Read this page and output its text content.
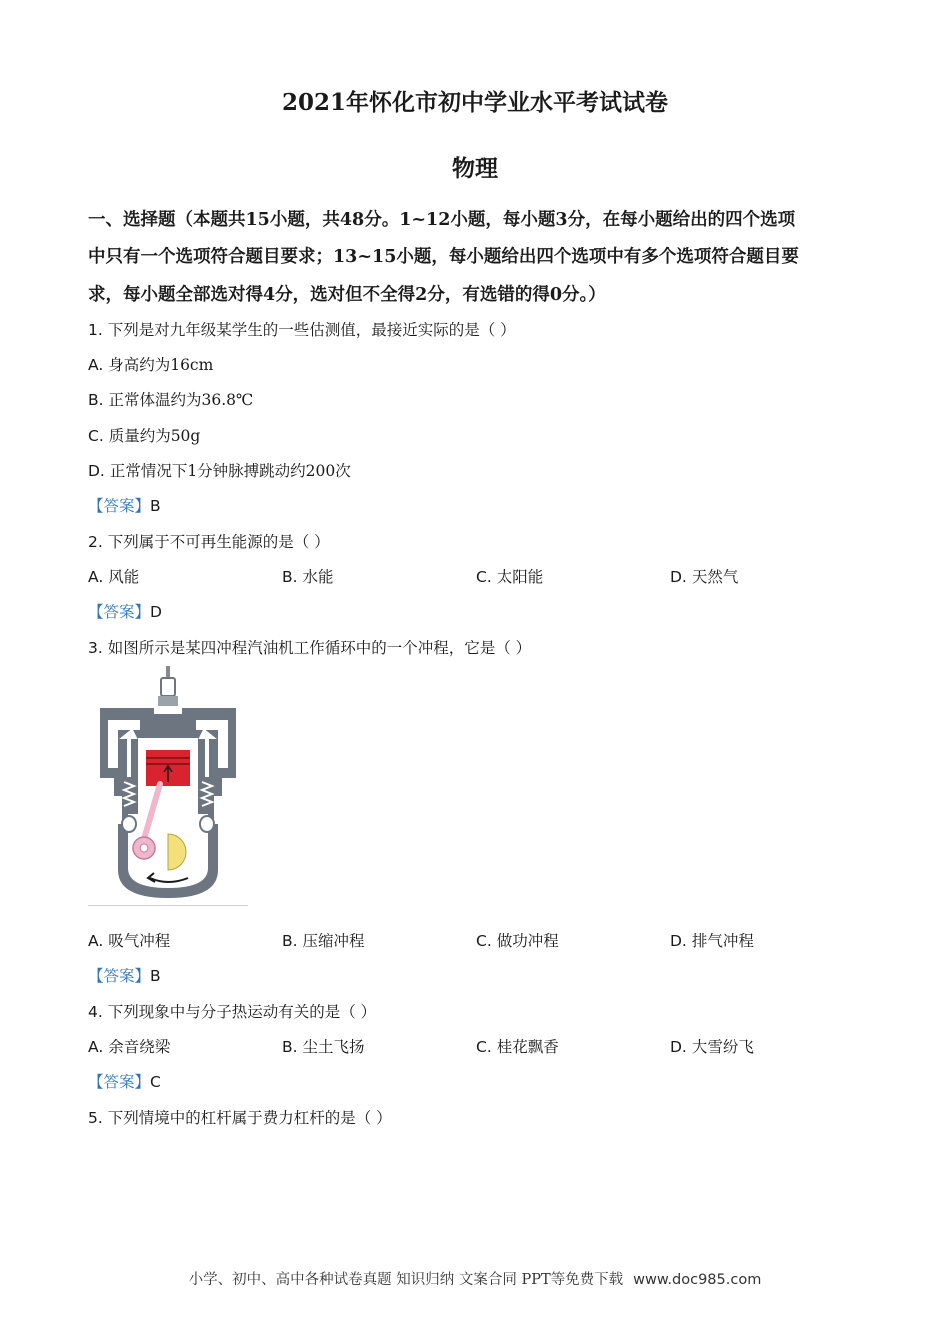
2021年怀化市初中学业水平考试试卷
物理
一、选择题（本题共15小题，共48分。1~12小题，每小题3分，在每小题给出的四个选项
中只有一个选项符合题目要求；13~15小题，每小题给出四个选项中有多个选项符合题目要
求，每小题全部选对得4分，选对但不全得2分，有选错的得0分。）
1. 下列是对九年级某学生的一些估测值，最接近实际的是（ ）
A. 身高约为16cm
B. 正常体温约为36.8℃
C. 质量约为50g
D. 正常情况下1分钟脉搏跳动约200次
【答案】B
2. 下列属于不可再生能源的是（ ）
A. 风能	B. 水能	C. 太阳能	D. 天然气
【答案】D
3. 如图所示是某四冲程汽油机工作循环中的一个冲程，它是（ ）
A. 吸气冲程	B. 压缩冲程	C. 做功冲程	D. 排气冲程
【答案】B
4. 下列现象中与分子热运动有关的是（ ）
A. 余音绕梁	B. 尘土飞扬	C. 桂花飘香	D. 大雪纷飞
【答案】C
5. 下列情境中的杠杆属于费力杠杆的是（ ）
小学、初中、高中各种试卷真题 知识归纳 文案合同 PPT等免费下载 www.doc985.com
